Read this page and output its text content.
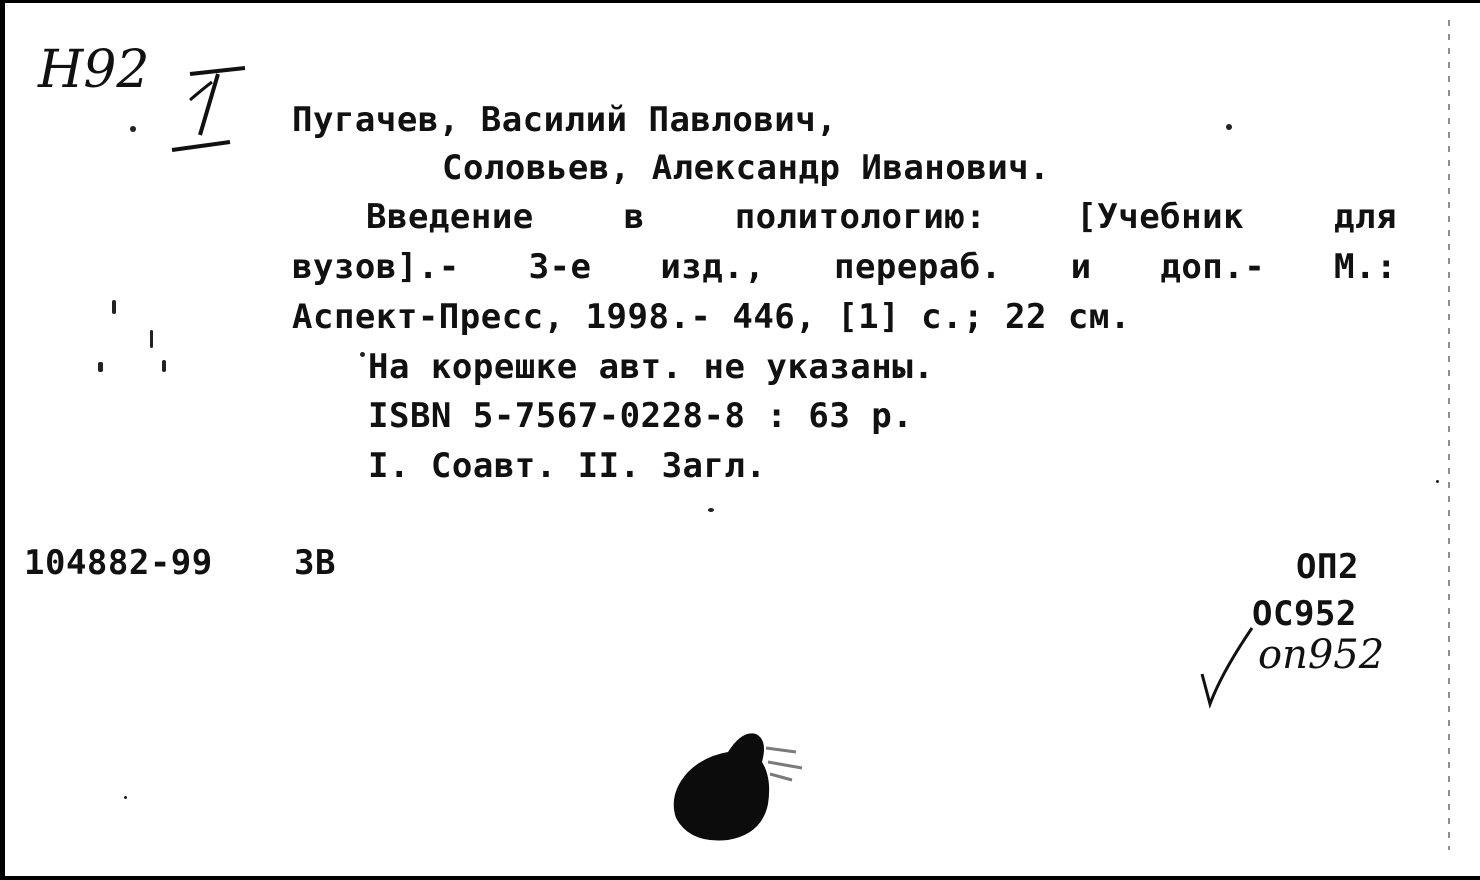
Н92
Пугачев, Василий Павлович,
Соловьев, Александр Иванович.
Введение	в	политологию:	[Учебник	для
вузов].- 3-е изд., перераб. и доп.- М.:
Аспект-Пресс, 1998.- 446, [1] с.; 22 см.
На корешке авт. не указаны.
ISBN 5-7567-0228-8 : 63 р.
I. Соавт. II. Загл.
104882-99 3В	ОП2
ОС952
оп952
